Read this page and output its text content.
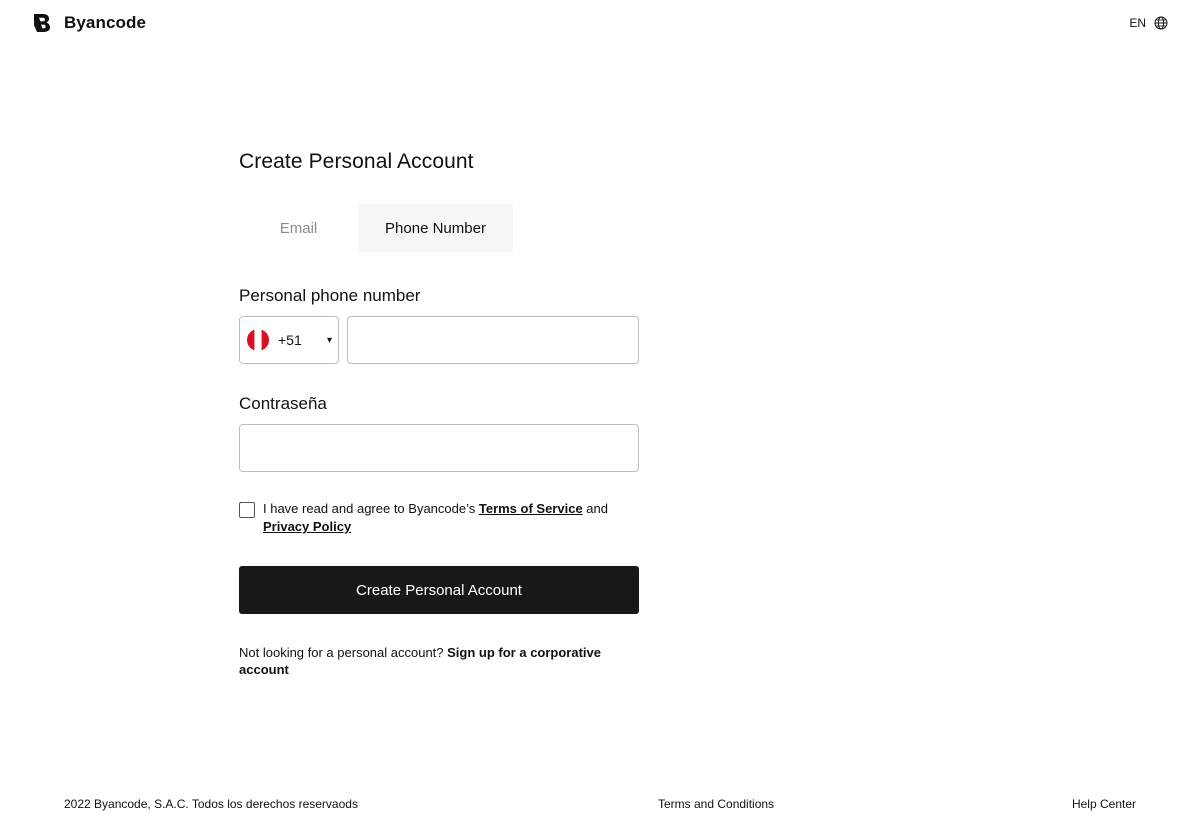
Byancode	EN
Create Personal Account
Email	Phone Number
Personal phone number
+51	▾
Contraseña
I have read and agree to Byancode’s Terms of Service and Privacy Policy
Create Personal Account

Not looking for a personal account? Sign up for a corporative account

2022 Byancode, S.A.C. Todos los derechos reservaods	Terms and Conditions	Help Center
